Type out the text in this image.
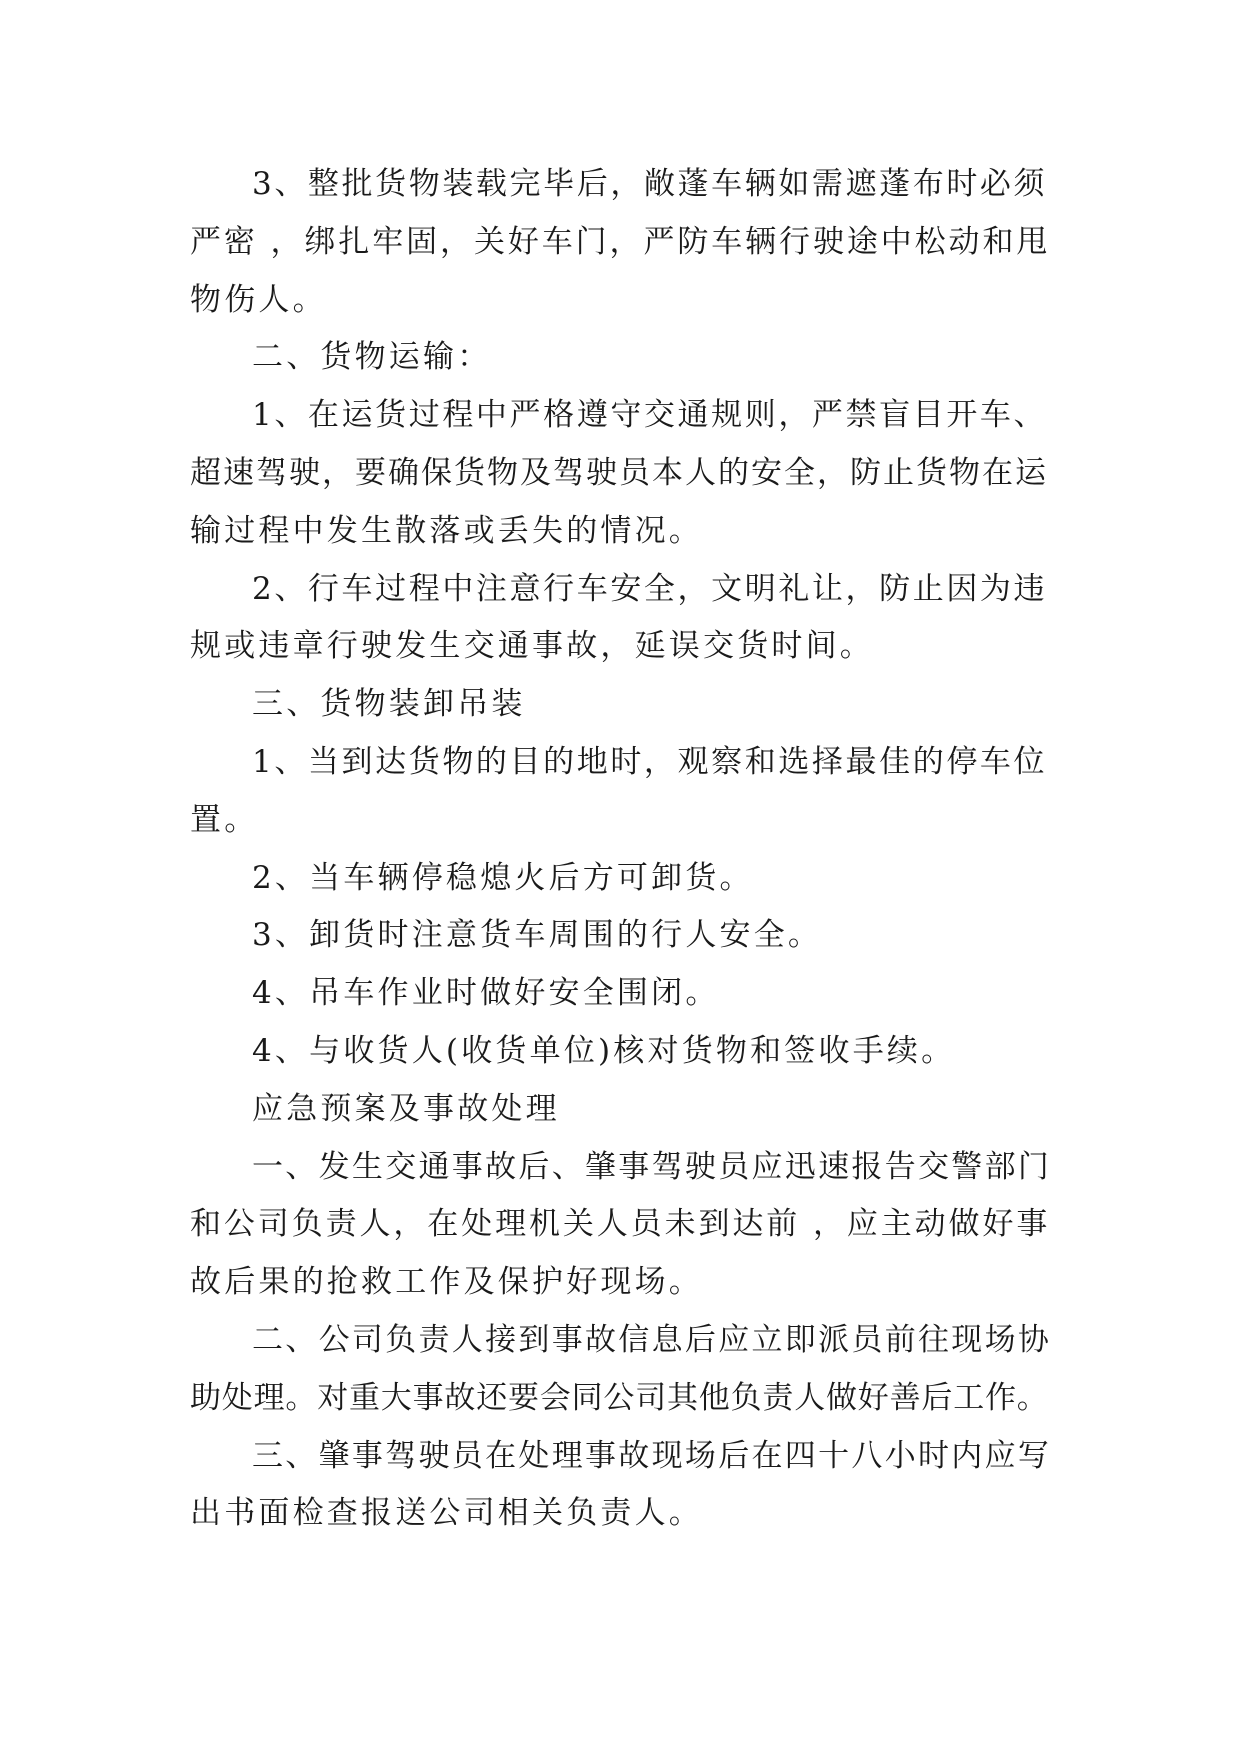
3、整批货物装载完毕后，敞蓬车辆如需遮蓬布时必须
严密 ，绑扎牢固，关好车门，严防车辆行驶途中松动和甩
物伤人。
二、货物运输：
1、在运货过程中严格遵守交通规则，严禁盲目开车、
超速驾驶，要确保货物及驾驶员本人的安全，防止货物在运
输过程中发生散落或丢失的情况。
2、行车过程中注意行车安全，文明礼让，防止因为违
规或违章行驶发生交通事故，延误交货时间。
三、货物装卸吊装
1、当到达货物的目的地时，观察和选择最佳的停车位
置。
2、当车辆停稳熄火后方可卸货。
3、卸货时注意货车周围的行人安全。
4、吊车作业时做好安全围闭。
4、与收货人(收货单位)核对货物和签收手续。
应急预案及事故处理
一、发生交通事故后、肇事驾驶员应迅速报告交警部门
和公司负责人，在处理机关人员未到达前 ，应主动做好事
故后果的抢救工作及保护好现场。
二、公司负责人接到事故信息后应立即派员前往现场协
助处理。对重大事故还要会同公司其他负责人做好善后工作。
三、肇事驾驶员在处理事故现场后在四十八小时内应写
出书面检查报送公司相关负责人。
